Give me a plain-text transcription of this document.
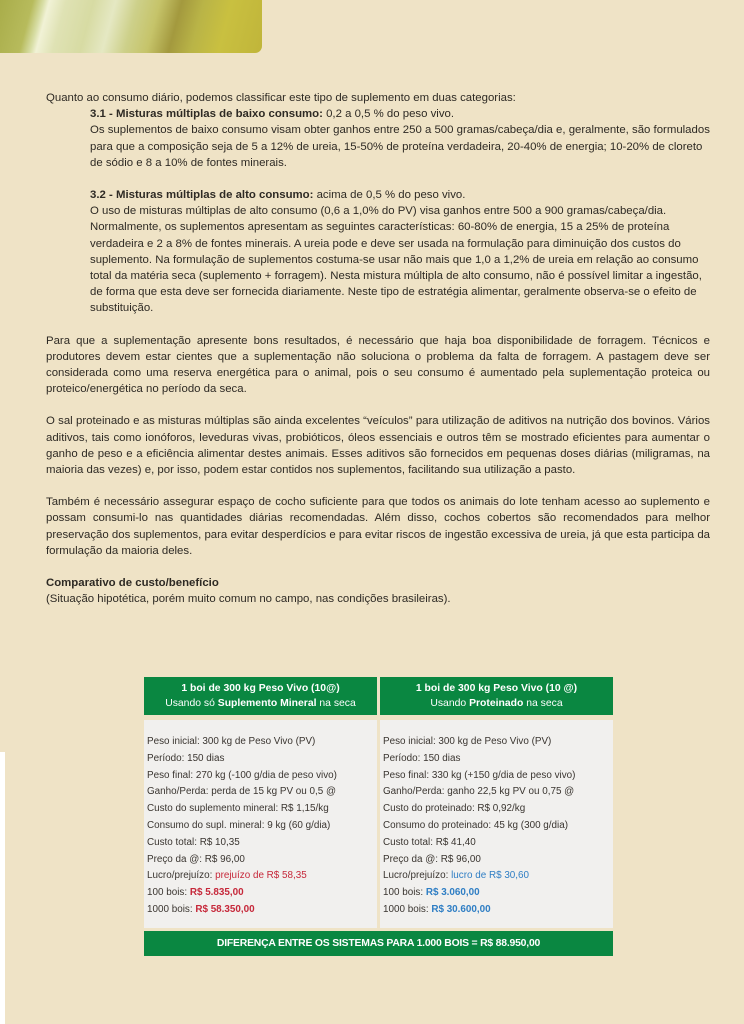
Quanto ao consumo diário, podemos classificar este tipo de suplemento em duas categorias:

3.1 - Misturas múltiplas de baixo consumo: 0,2 a 0,5 % do peso vivo.

Os suplementos de baixo consumo visam obter ganhos entre 250 a 500 gramas/cabeça/dia e, geralmente, são formulados para que a composição seja de 5 a 12% de ureia, 15-50% de proteína verdadeira, 20-40% de energia; 10-20% de cloreto de sódio e 8 a 10% de fontes minerais.

3.2 - Misturas múltiplas de alto consumo: acima de 0,5 % do peso vivo.

O uso de misturas múltiplas de alto consumo (0,6 a 1,0% do PV) visa ganhos entre 500 a 900 gramas/cabeça/dia. Normalmente, os suplementos apresentam as seguintes características: 60-80% de energia, 15 a 25% de proteína verdadeira e 2 a 8% de fontes minerais. A ureia pode e deve ser usada na formulação para diminuição dos custos do suplemento. Na formulação de suplementos costuma-se usar não mais que 1,0 a 1,2% de ureia em relação ao consumo total da matéria seca (suplemento + forragem). Nesta mistura múltipla de alto consumo, não é possível limitar a ingestão, de forma que esta deve ser fornecida diariamente. Neste tipo de estratégia alimentar, geralmente observa-se o efeito de substituição.

Para que a suplementação apresente bons resultados, é necessário que haja boa disponibilidade de forragem. Técnicos e produtores devem estar cientes que a suplementação não soluciona o problema da falta de forragem. A pastagem deve ser considerada como uma reserva energética para o animal, pois o seu consumo é aumentado pela suplementação proteica ou proteico/energética no período da seca.

O sal proteinado e as misturas múltiplas são ainda excelentes “veículos” para utilização de aditivos na nutrição dos bovinos. Vários aditivos, tais como ionóforos, leveduras vivas, probióticos, óleos essenciais e outros têm se mostrado eficientes para aumentar o ganho de peso e a eficiência alimentar destes animais. Esses aditivos são fornecidos em pequenas doses diárias (miligramas, na maioria das vezes) e, por isso, podem estar contidos nos suplementos, facilitando sua utilização a pasto.

Também é necessário assegurar espaço de cocho suficiente para que todos os animais do lote tenham acesso ao suplemento e possam consumi-lo nas quantidades diárias recomendadas. Além disso, cochos cobertos são recomendados para melhor preservação dos suplementos, para evitar desperdícios e para evitar riscos de ingestão excessiva de ureia, já que esta participa da formulação da maioria deles.

Comparativo de custo/benefício

(Situação hipotética, porém muito comum no campo, nas condições brasileiras).

1 boi de 300 kg Peso Vivo (10@)
Usando só Suplemento Mineral na seca
Peso inicial: 300 kg de Peso Vivo (PV)
Período: 150 dias
Peso final: 270 kg (-100 g/dia de peso vivo)
Ganho/Perda: perda de 15 kg PV ou 0,5 @
Custo do suplemento mineral: R$ 1,15/kg
Consumo do supl. mineral: 9 kg (60 g/dia)
Custo total: R$ 10,35
Preço da @: R$ 96,00
Lucro/prejuízo: prejuízo de R$ 58,35
100 bois: R$ 5.835,00
1000 bois: R$ 58.350,00
1 boi de 300 kg Peso Vivo (10 @)
Usando Proteinado na seca
Peso inicial: 300 kg de Peso Vivo (PV)
Período: 150 dias
Peso final: 330 kg (+150 g/dia de peso vivo)
Ganho/Perda: ganho 22,5 kg PV ou 0,75 @
Custo do proteinado: R$ 0,92/kg
Consumo do proteinado: 45 kg (300 g/dia)
Custo total: R$ 41,40
Preço da @: R$ 96,00
Lucro/prejuízo: lucro de R$ 30,60
100 bois: R$ 3.060,00
1000 bois: R$ 30.600,00
DIFERENÇA ENTRE OS SISTEMAS PARA 1.000 BOIS = R$ 88.950,00
